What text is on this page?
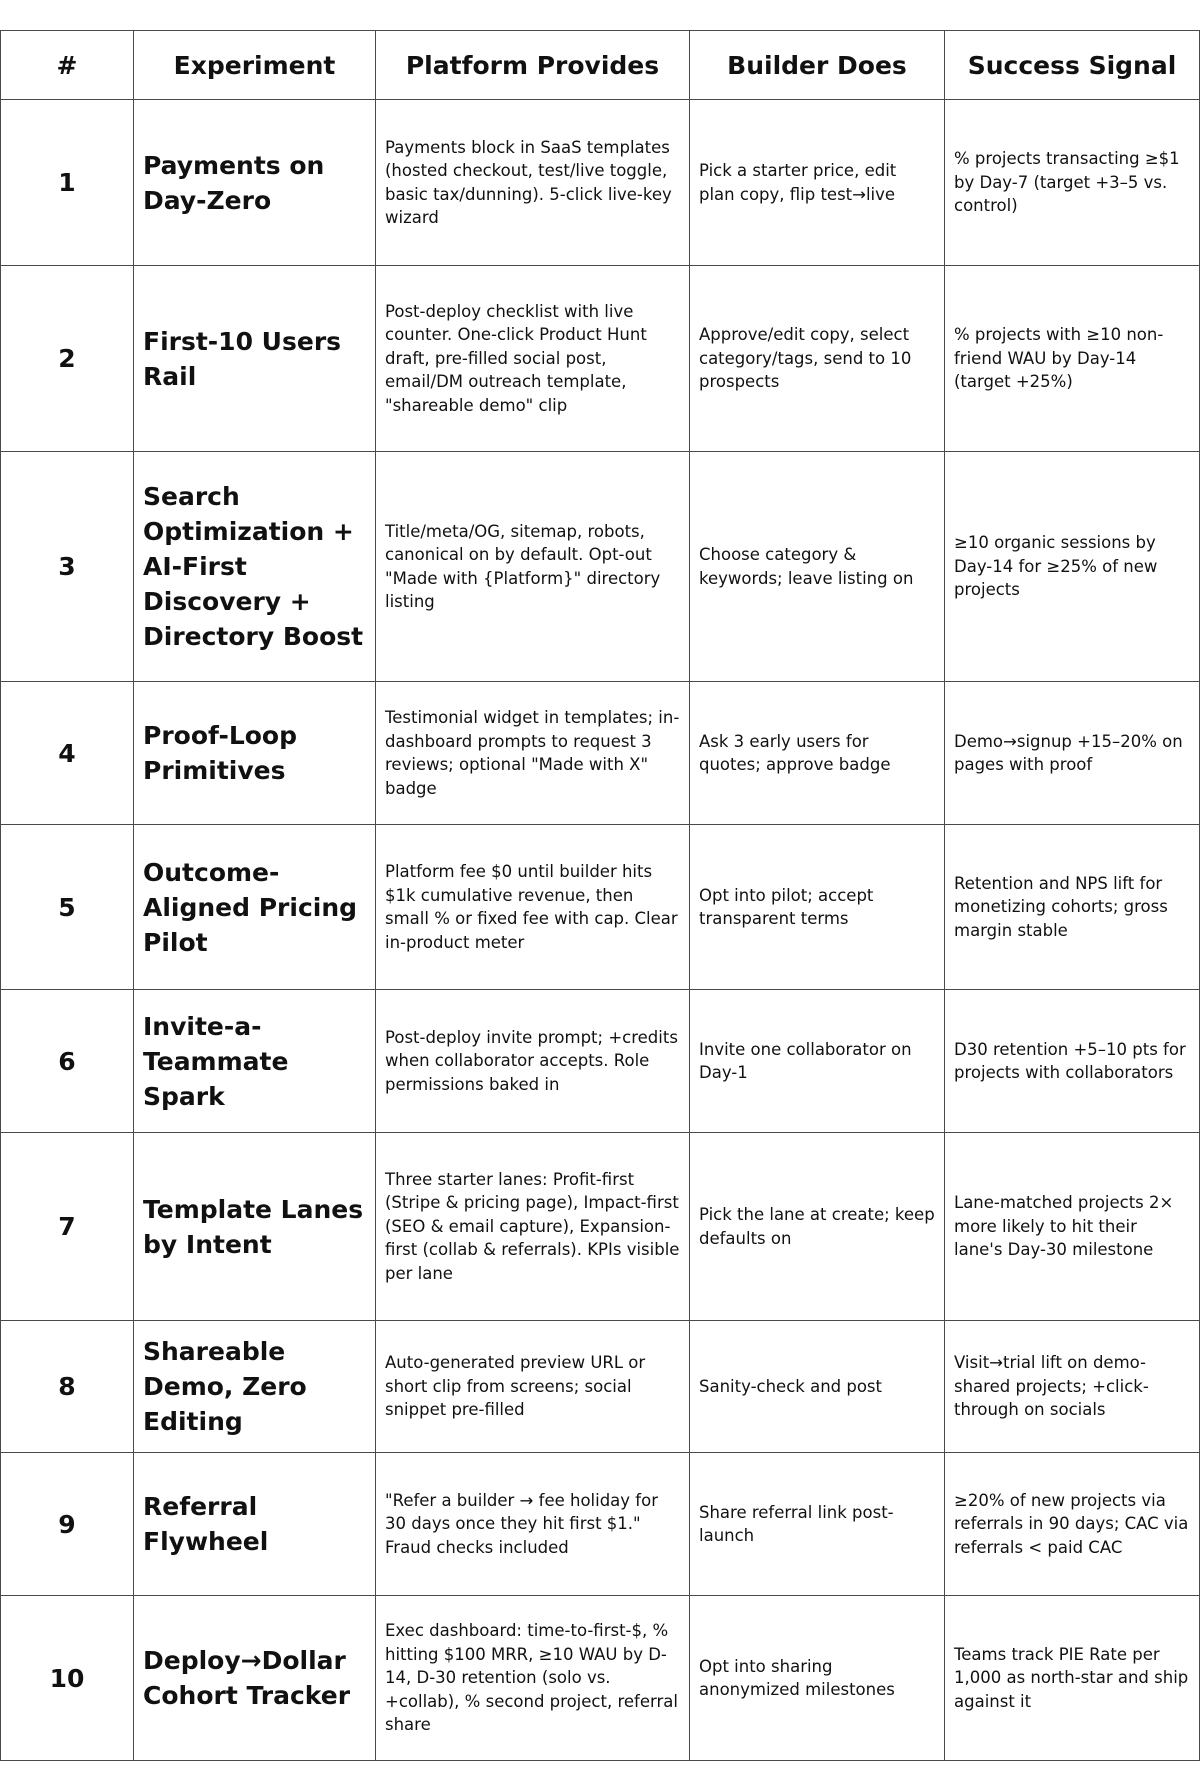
#	Experiment	Platform Provides	Builder Does	Success Signal
1	Payments on Day-Zero	Payments block in SaaS templates (hosted checkout, test/live toggle, basic tax/dunning). 5-click live-key wizard	Pick a starter price, edit plan copy, flip test→live	% projects transacting ≥$1 by Day-7 (target +3–5 vs. control)
2	First-10 Users Rail	Post-deploy checklist with live counter. One-click Product Hunt draft, pre-filled social post, email/DM outreach template, "shareable demo" clip	Approve/edit copy, select category/tags, send to 10 prospects	% projects with ≥10 non-friend WAU by Day-14 (target +25%)
3	Search Optimization + AI-First Discovery + Directory Boost	Title/meta/OG, sitemap, robots, canonical on by default. Opt-out "Made with {Platform}" directory listing	Choose category & keywords; leave listing on	≥10 organic sessions by Day-14 for ≥25% of new projects
4	Proof-Loop Primitives	Testimonial widget in templates; in-dashboard prompts to request 3 reviews; optional "Made with X" badge	Ask 3 early users for quotes; approve badge	Demo→signup +15–20% on pages with proof
5	Outcome-Aligned Pricing Pilot	Platform fee $0 until builder hits $1k cumulative revenue, then small % or fixed fee with cap. Clear in-product meter	Opt into pilot; accept transparent terms	Retention and NPS lift for monetizing cohorts; gross margin stable
6	Invite-a-Teammate Spark	Post-deploy invite prompt; +credits when collaborator accepts. Role permissions baked in	Invite one collaborator on Day-1	D30 retention +5–10 pts for projects with collaborators
7	Template Lanes by Intent	Three starter lanes: Profit-first (Stripe & pricing page), Impact-first (SEO & email capture), Expansion-first (collab & referrals). KPIs visible per lane	Pick the lane at create; keep defaults on	Lane-matched projects 2× more likely to hit their lane's Day-30 milestone
8	Shareable Demo, Zero Editing	Auto-generated preview URL or short clip from screens; social snippet pre-filled	Sanity-check and post	Visit→trial lift on demo-shared projects; +click-through on socials
9	Referral Flywheel	"Refer a builder → fee holiday for 30 days once they hit first $1." Fraud checks included	Share referral link post-launch	≥20% of new projects via referrals in 90 days; CAC via referrals < paid CAC
10	Deploy→Dollar Cohort Tracker	Exec dashboard: time-to-first-$, % hitting $100 MRR, ≥10 WAU by D-14, D-30 retention (solo vs. +collab), % second project, referral share	Opt into sharing anonymized milestones	Teams track PIE Rate per 1,000 as north-star and ship against it
